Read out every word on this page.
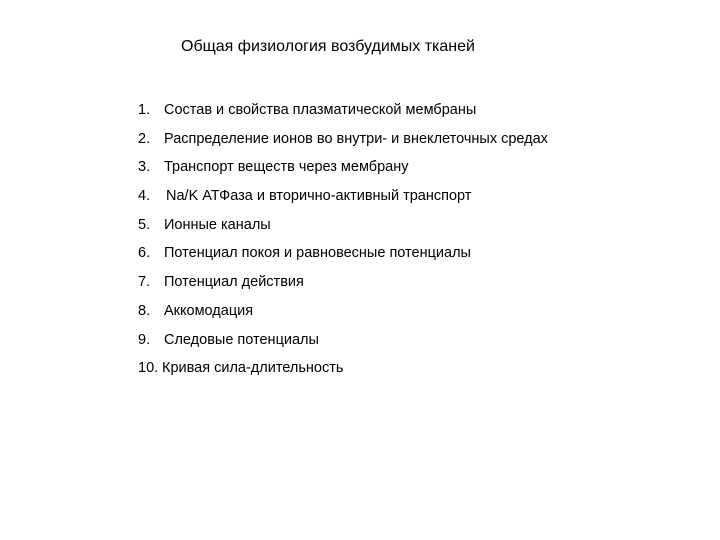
Общая физиология возбудимых тканей
1. Состав и свойства плазматической мембраны
2. Распределение ионов во внутри- и внеклеточных средах
3. Транспорт веществ через мембрану
4.	Na/K АТФаза и вторично-активный транспорт
5. Ионные каналы
6. Потенциал покоя и равновесные потенциалы
7. Потенциал действия
8. Аккомодация
9. Следовые потенциалы
10. Кривая сила-длительность
